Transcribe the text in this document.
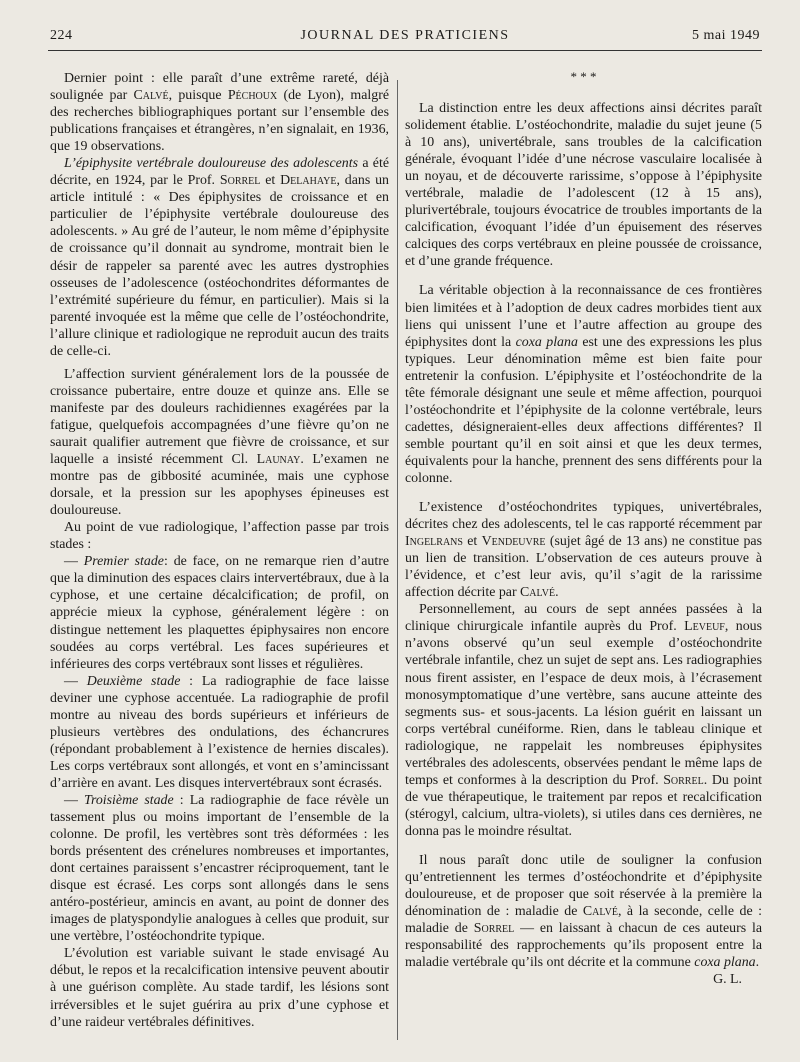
224	JOURNAL DES PRATICIENS	5 mai 1949

Dernier point : elle paraît d’une extrême rareté, déjà soulignée par Calvé, puisque Péchoux (de Lyon), malgré des recherches bibliographiques portant sur l’ensemble des publications françaises et étrangères, n’en signalait, en 1936, que 19 observations.

L’épiphysite vertébrale douloureuse des adolescents a été décrite, en 1924, par le Prof. Sorrel et Delahaye, dans un article intitulé : « Des épiphysites de croissance et en particulier de l’épiphysite vertébrale douloureuse des adolescents. » Au gré de l’auteur, le nom même d’épiphysite de croissance qu’il donnait au syndrome, montrait bien le désir de rappeler sa parenté avec les autres dystrophies osseuses de l’adolescence (ostéochondrites déformantes de l’extrémité supérieure du fémur, en particulier). Mais si la parenté invoquée est la même que celle de l’ostéochondrite, l’allure clinique et radiologique ne reproduit aucun des traits de celle-ci.

L’affection survient généralement lors de la poussée de croissance pubertaire, entre douze et quinze ans. Elle se manifeste par des douleurs rachidiennes exagérées par la fatigue, quelquefois accompagnées d’une fièvre qu’on ne saurait qualifier autrement que fièvre de croissance, et sur laquelle a insisté récemment Cl. Launay. L’examen ne montre pas de gibbosité acuminée, mais une cyphose dorsale, et la pression sur les apophyses épineuses est douloureuse.

Au point de vue radiologique, l’affection passe par trois stades :

— Premier stade: de face, on ne remarque rien d’autre que la diminution des espaces clairs intervertébraux, due à la cyphose, et une certaine décalcification; de profil, on apprécie mieux la cyphose, généralement légère : on distingue nettement les plaquettes épiphysaires non encore soudées au corps vertébral. Les faces supérieures et inférieures des corps vertébraux sont lisses et régulières.

— Deuxième stade : La radiographie de face laisse deviner une cyphose accentuée. La radiographie de profil montre au niveau des bords supérieurs et inférieurs de plusieurs vertèbres des ondulations, des échancrures (répondant probablement à l’existence de hernies discales). Les corps vertébraux sont allongés, et vont en s’amincissant d’arrière en avant. Les disques intervertébraux sont écrasés.

— Troisième stade : La radiographie de face révèle un tassement plus ou moins important de l’ensemble de la colonne. De profil, les vertèbres sont très déformées : les bords présentent des crénelures nombreuses et importantes, dont certaines paraissent s’encastrer réciproquement, tant le disque est écrasé. Les corps sont allongés dans le sens antéro-postérieur, amincis en avant, au point de donner des images de platyspondylie analogues à celles que produit, sur une vertèbre, l’ostéochondrite typique.

L’évolution est variable suivant le stade envisagé Au début, le repos et la recalcification intensive peuvent aboutir à une guérison complète. Au stade tardif, les lésions sont irréversibles et le sujet guérira au prix d’une cyphose et d’une raideur vertébrales définitives.

* * *

La distinction entre les deux affections ainsi décrites paraît solidement établie. L’ostéochondrite, maladie du sujet jeune (5 à 10 ans), univertébrale, sans troubles de la calcification générale, évoquant l’idée d’une nécrose vasculaire localisée à un noyau, et de découverte rarissime, s’oppose à l’épiphysite vertébrale, maladie de l’adolescent (12 à 15 ans), plurivertébrale, toujours évocatrice de troubles importants de la calcification, évoquant l’idée d’un épuisement des réserves calciques des corps vertébraux en pleine poussée de croissance, et d’une grande fréquence.

La véritable objection à la reconnaissance de ces frontières bien limitées et à l’adoption de deux cadres morbides tient aux liens qui unissent l’une et l’autre affection au groupe des épiphysites dont la coxa plana est une des expressions les plus typiques. Leur dénomination même est bien faite pour entretenir la confusion. L’épiphysite et l’ostéochondrite de la tête fémorale désignant une seule et même affection, pourquoi l’ostéochondrite et l’épiphysite de la colonne vertébrale, leurs cadettes, désigneraient-elles deux affections différentes? Il semble pourtant qu’il en soit ainsi et que les deux termes, équivalents pour la hanche, prennent des sens différents pour la colonne.

L’existence d’ostéochondrites typiques, univertébrales, décrites chez des adolescents, tel le cas rapporté récemment par Ingelrans et Vendeuvre (sujet âgé de 13 ans) ne constitue pas un lien de transition. L’observation de ces auteurs prouve à l’évidence, et c’est leur avis, qu’il s’agit de la rarissime affection décrite par Calvé.

Personnellement, au cours de sept années passées à la clinique chirurgicale infantile auprès du Prof. Leveuf, nous n’avons observé qu’un seul exemple d’ostéochondrite vertébrale infantile, chez un sujet de sept ans. Les radiographies nous firent assister, en l’espace de deux mois, à l’écrasement monosymptomatique d’une vertèbre, sans aucune atteinte des segments sus- et sous-jacents. La lésion guérit en laissant un corps vertébral cunéiforme. Rien, dans le tableau clinique et radiologique, ne rappelait les nombreuses épiphysites vertébrales des adolescents, observées pendant le même laps de temps et conformes à la description du Prof. Sorrel. Du point de vue thérapeutique, le traitement par repos et recalcification (stérogyl, calcium, ultra-violets), si utiles dans ces dernières, ne donna pas le moindre résultat.

Il nous paraît donc utile de souligner la confusion qu’entretiennent les termes d’ostéochondrite et d’épiphysite douloureuse, et de proposer que soit réservée à la première la dénomination de : maladie de Calvé, à la seconde, celle de : maladie de Sorrel — en laissant à chacun de ces auteurs la responsabilité des rapprochements qu’ils proposent entre la maladie vertébrale qu’ils ont décrite et la commune coxa plana.

G. L.
